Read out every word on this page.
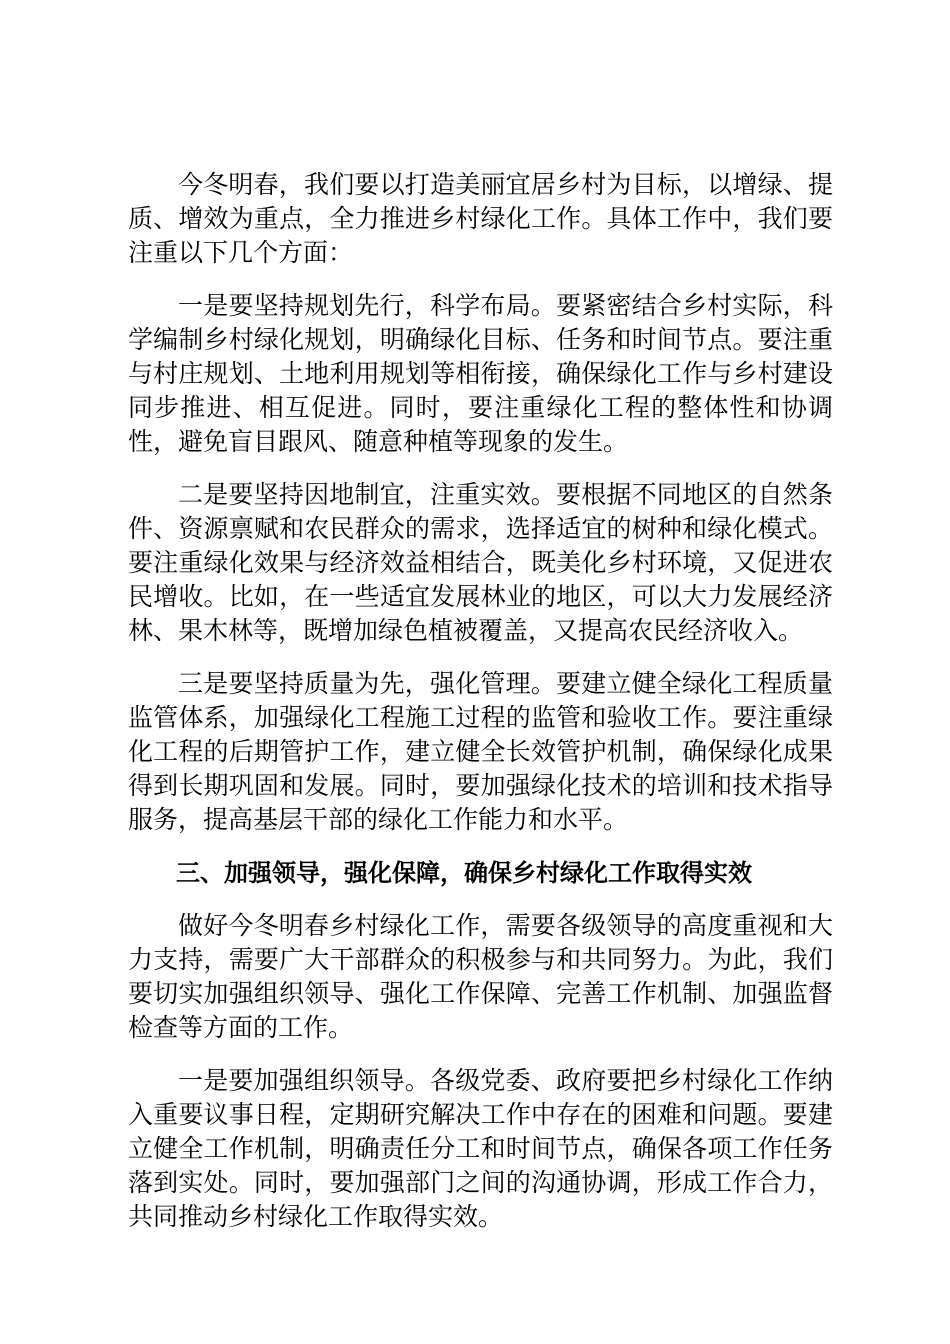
今冬明春，我们要以打造美丽宜居乡村为目标，以增绿、提质、增效为重点，全力推进乡村绿化工作。具体工作中，我们要注重以下几个方面：

一是要坚持规划先行，科学布局。要紧密结合乡村实际，科学编制乡村绿化规划，明确绿化目标、任务和时间节点。要注重与村庄规划、土地利用规划等相衔接，确保绿化工作与乡村建设同步推进、相互促进。同时，要注重绿化工程的整体性和协调性，避免盲目跟风、随意种植等现象的发生。

二是要坚持因地制宜，注重实效。要根据不同地区的自然条件、资源禀赋和农民群众的需求，选择适宜的树种和绿化模式。要注重绿化效果与经济效益相结合，既美化乡村环境，又促进农民增收。比如，在一些适宜发展林业的地区，可以大力发展经济林、果木林等，既增加绿色植被覆盖，又提高农民经济收入。

三是要坚持质量为先，强化管理。要建立健全绿化工程质量监管体系，加强绿化工程施工过程的监管和验收工作。要注重绿化工程的后期管护工作，建立健全长效管护机制，确保绿化成果得到长期巩固和发展。同时，要加强绿化技术的培训和技术指导服务，提高基层干部的绿化工作能力和水平。

三、加强领导，强化保障，确保乡村绿化工作取得实效

做好今冬明春乡村绿化工作，需要各级领导的高度重视和大力支持，需要广大干部群众的积极参与和共同努力。为此，我们要切实加强组织领导、强化工作保障、完善工作机制、加强监督检查等方面的工作。

一是要加强组织领导。各级党委、政府要把乡村绿化工作纳入重要议事日程，定期研究解决工作中存在的困难和问题。要建立健全工作机制，明确责任分工和时间节点，确保各项工作任务落到实处。同时，要加强部门之间的沟通协调，形成工作合力，共同推动乡村绿化工作取得实效。
